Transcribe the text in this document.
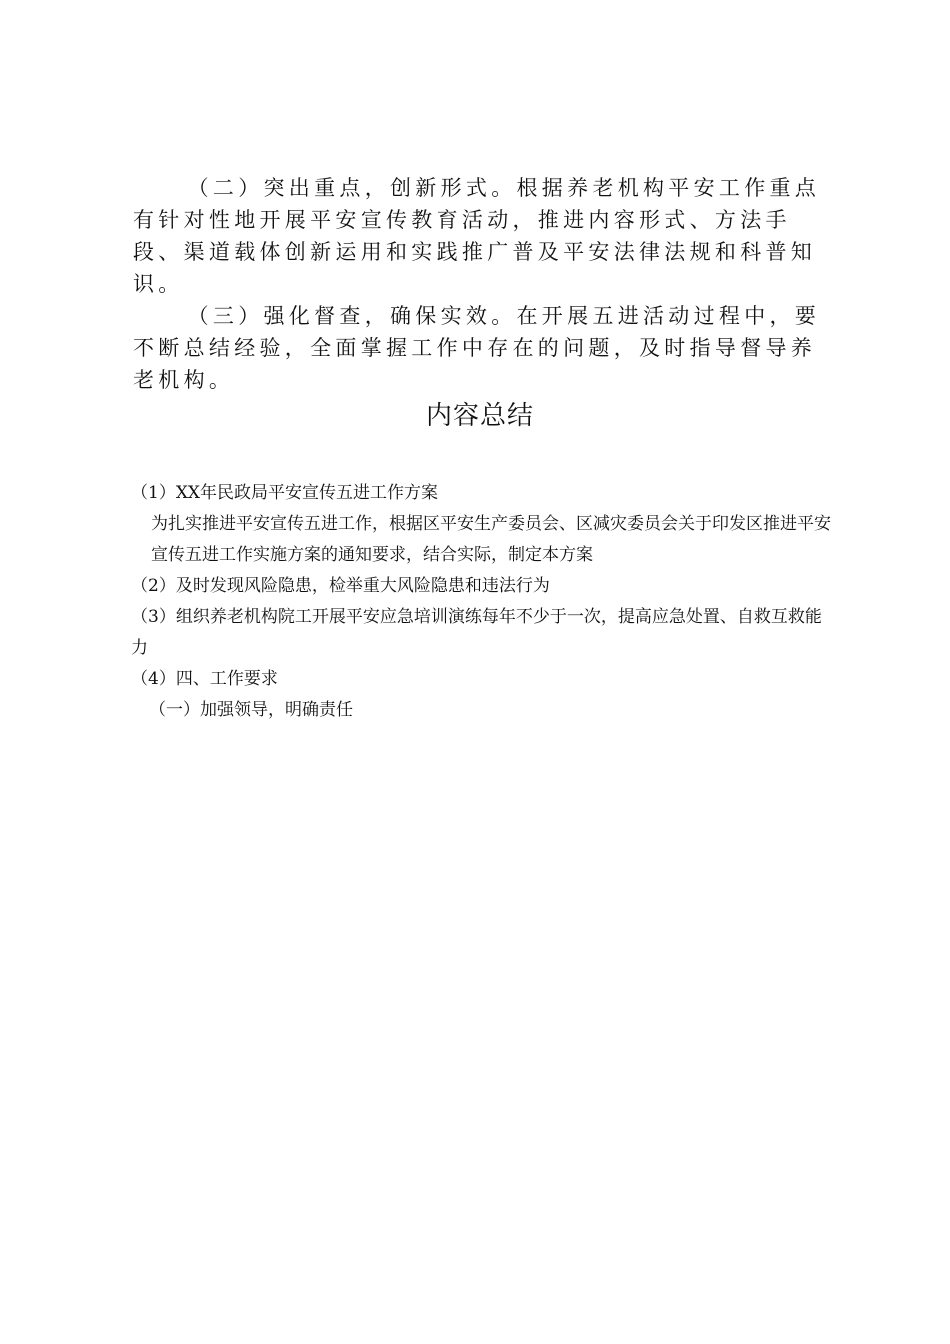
（二）突出重点，创新形式。根据养老机构平安工作重点有针对性地开展平安宣传教育活动，推进内容形式、方法手段、渠道载体创新运用和实践推广普及平安法律法规和科普知识。

（三）强化督查，确保实效。在开展五进活动过程中，要

不断总结经验，全面掌握工作中存在的问题，及时指导督导养

老机构。

内容总结

（1）XX年民政局平安宣传五进工作方案

为扎实推进平安宣传五进工作，根据区平安生产委员会、区减灾委员会关于印发区推进平安宣传五进工作实施方案的通知要求，结合实际，制定本方案

（2）及时发现风险隐患，检举重大风险隐患和违法行为

（3）组织养老机构院工开展平安应急培训演练每年不少于一次，提高应急处置、自救互救能力

（4）四、工作要求

（一）加强领导，明确责任
